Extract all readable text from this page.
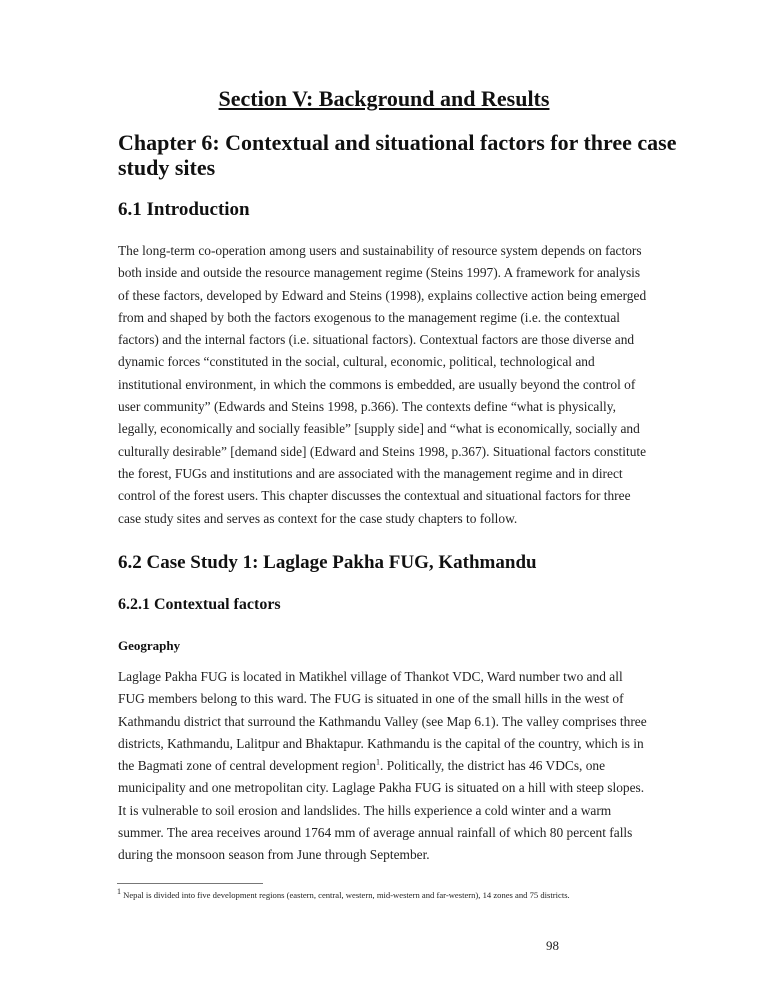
Section V: Background and Results
Chapter 6: Contextual and situational factors for three case
study sites
6.1 Introduction
The long-term co-operation among users and sustainability of resource system depends on factors
both inside and outside the resource management regime (Steins 1997). A framework for analysis
of these factors, developed by Edward and Steins (1998), explains collective action being emerged
from and shaped by both the factors exogenous to the management regime (i.e. the contextual
factors) and the internal factors (i.e. situational factors). Contextual factors are those diverse and
dynamic forces “constituted in the social, cultural, economic, political, technological and
institutional environment, in which the commons is embedded, are usually beyond the control of
user community” (Edwards and Steins 1998, p.366). The contexts define “what is physically,
legally, economically and socially feasible” [supply side] and “what is economically, socially and
culturally desirable” [demand side] (Edward and Steins 1998, p.367). Situational factors constitute
the forest, FUGs and institutions and are associated with the management regime and in direct
control of the forest users. This chapter discusses the contextual and situational factors for three
case study sites and serves as context for the case study chapters to follow.
6.2 Case Study 1: Laglage Pakha FUG, Kathmandu
6.2.1 Contextual factors
Geography
Laglage Pakha FUG is located in Matikhel village of Thankot VDC, Ward number two and all
FUG members belong to this ward. The FUG is situated in one of the small hills in the west of
Kathmandu district that surround the Kathmandu Valley (see Map 6.1). The valley comprises three
districts, Kathmandu, Lalitpur and Bhaktapur. Kathmandu is the capital of the country, which is in
the Bagmati zone of central development region$^1$. Politically, the district has 46 VDCs, one
municipality and one metropolitan city. Laglage Pakha FUG is situated on a hill with steep slopes.
It is vulnerable to soil erosion and landslides. The hills experience a cold winter and a warm
summer. The area receives around 1764 mm of average annual rainfall of which 80 percent falls
during the monsoon season from June through September.
$^1$ Nepal is divided into five development regions (eastern, central, western, mid-western and far-western), 14 zones and 75 districts.
98
